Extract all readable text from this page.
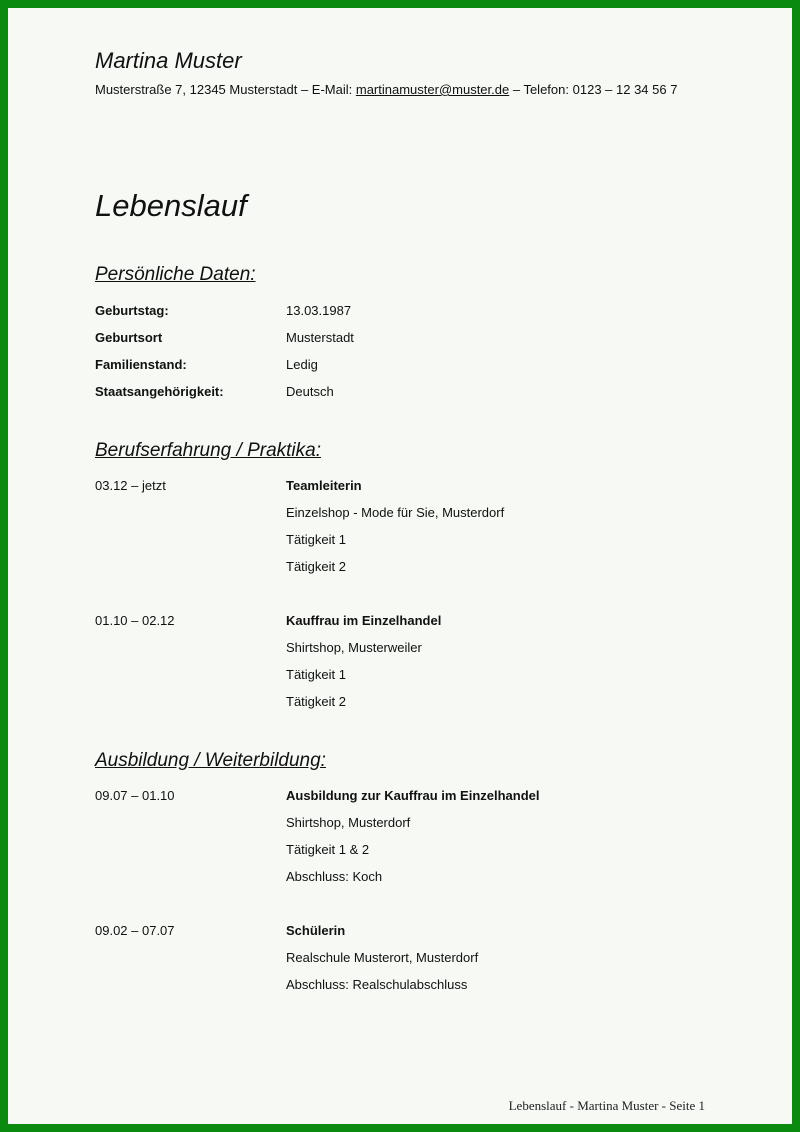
Martina Muster
Musterstraße 7, 12345 Musterstadt – E-Mail: martinamuster@muster.de – Telefon: 0123 – 12 34 56 7
Lebenslauf
Persönliche Daten:
Geburtstag:	13.03.1987
Geburtsort	Musterstadt
Familienstand:	Ledig
Staatsangehörigkeit:	Deutsch
Berufserfahrung / Praktika:
03.12 – jetzt	Teamleiterin
Einzelshop - Mode für Sie, Musterdorf
Tätigkeit 1
Tätigkeit 2
01.10 – 02.12	Kauffrau im Einzelhandel
Shirtshop, Musterweiler
Tätigkeit 1
Tätigkeit 2
Ausbildung / Weiterbildung:
09.07 – 01.10	Ausbildung zur Kauffrau im Einzelhandel
Shirtshop, Musterdorf
Tätigkeit 1 & 2
Abschluss: Koch
09.02 – 07.07	Schülerin
Realschule Musterort, Musterdorf
Abschluss: Realschulabschluss
Lebenslauf - Martina Muster - Seite 1
